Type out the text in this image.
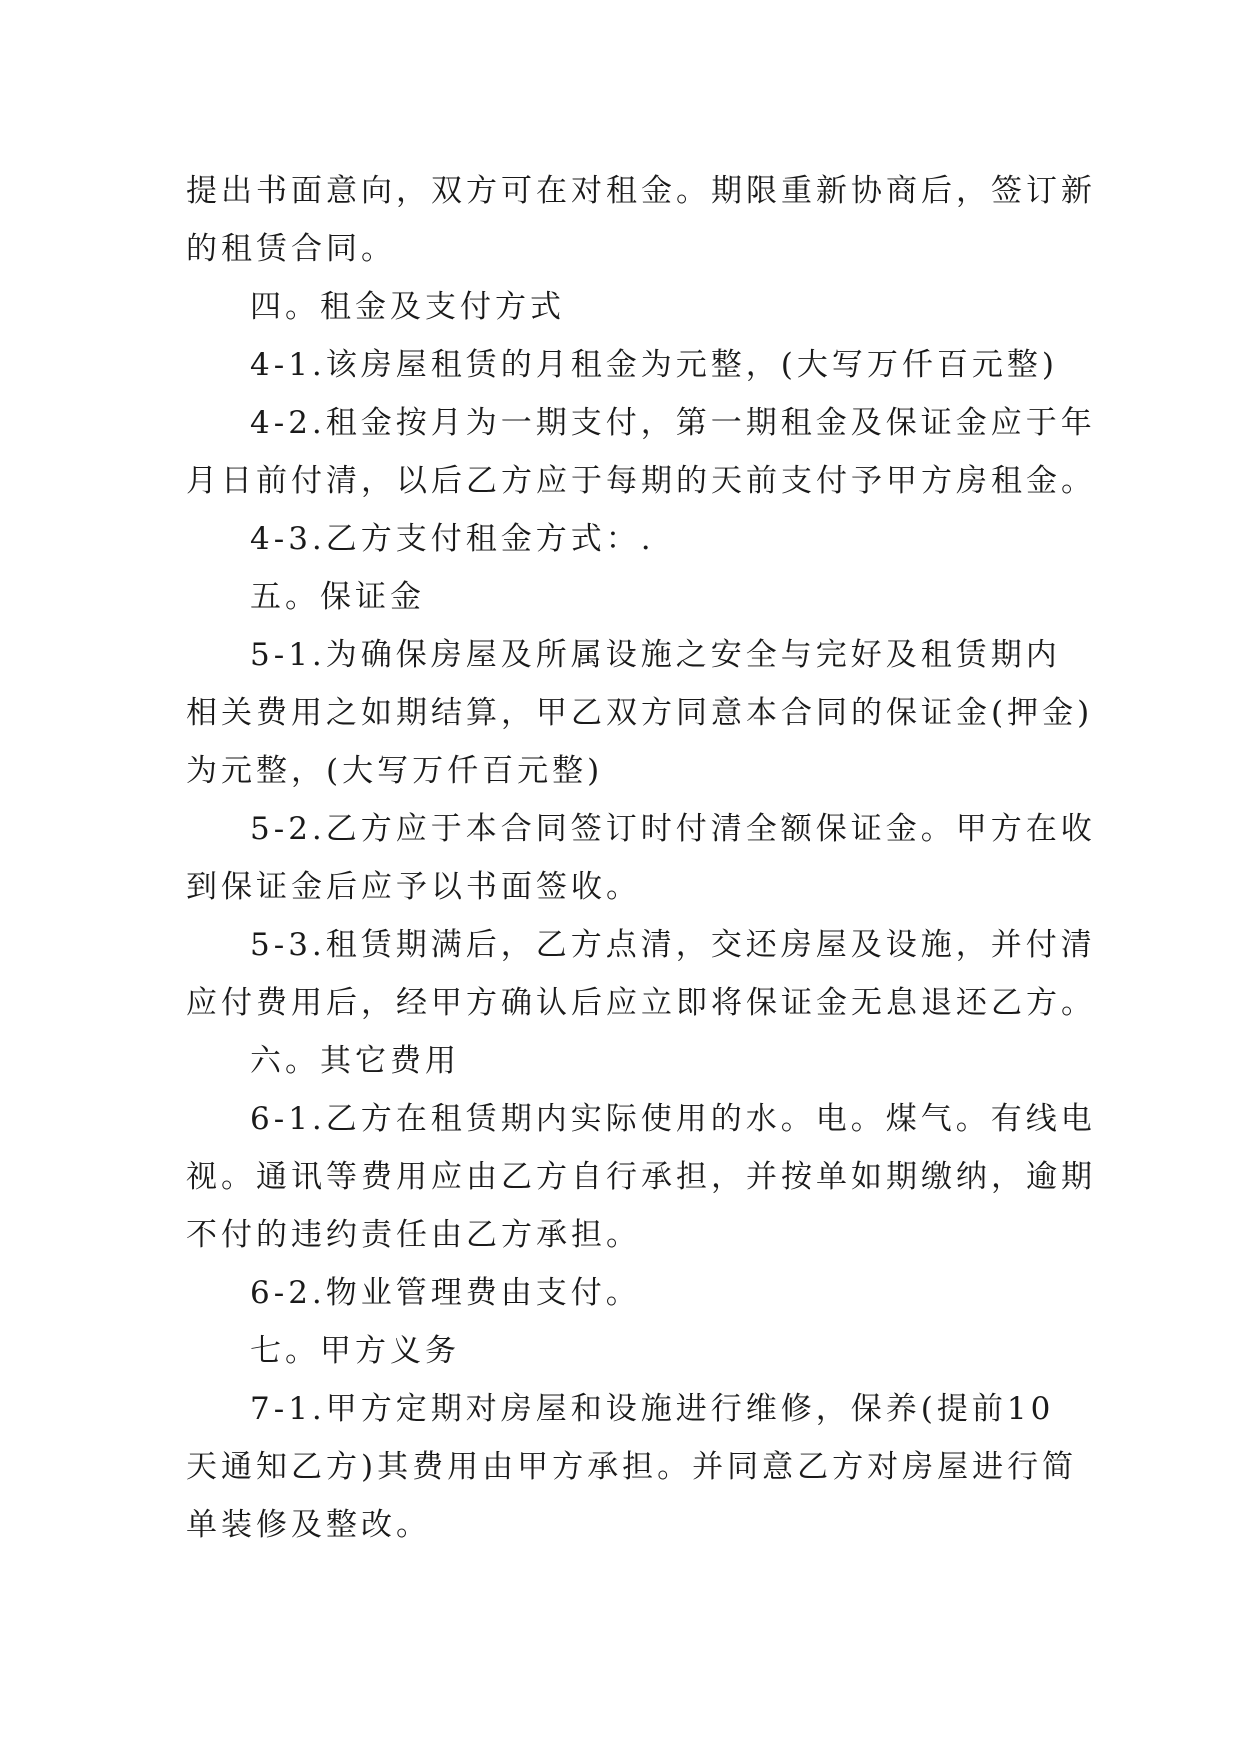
提出书面意向，双方可在对租金。期限重新协商后，签订新
的租赁合同。
四。租金及支付方式
4-1.该房屋租赁的月租金为元整，(大写万仟百元整)
4-2.租金按月为一期支付，第一期租金及保证金应于年
月日前付清，以后乙方应于每期的天前支付予甲方房租金。
4-3.乙方支付租金方式：.
五。保证金
5-1.为确保房屋及所属设施之安全与完好及租赁期内
相关费用之如期结算，甲乙双方同意本合同的保证金(押金)
为元整，(大写万仟百元整)
5-2.乙方应于本合同签订时付清全额保证金。甲方在收
到保证金后应予以书面签收。
5-3.租赁期满后，乙方点清，交还房屋及设施，并付清
应付费用后，经甲方确认后应立即将保证金无息退还乙方。
六。其它费用
6-1.乙方在租赁期内实际使用的水。电。煤气。有线电
视。通讯等费用应由乙方自行承担，并按单如期缴纳，逾期
不付的违约责任由乙方承担。
6-2.物业管理费由支付。
七。甲方义务
7-1.甲方定期对房屋和设施进行维修，保养(提前10
天通知乙方)其费用由甲方承担。并同意乙方对房屋进行简
单装修及整改。
